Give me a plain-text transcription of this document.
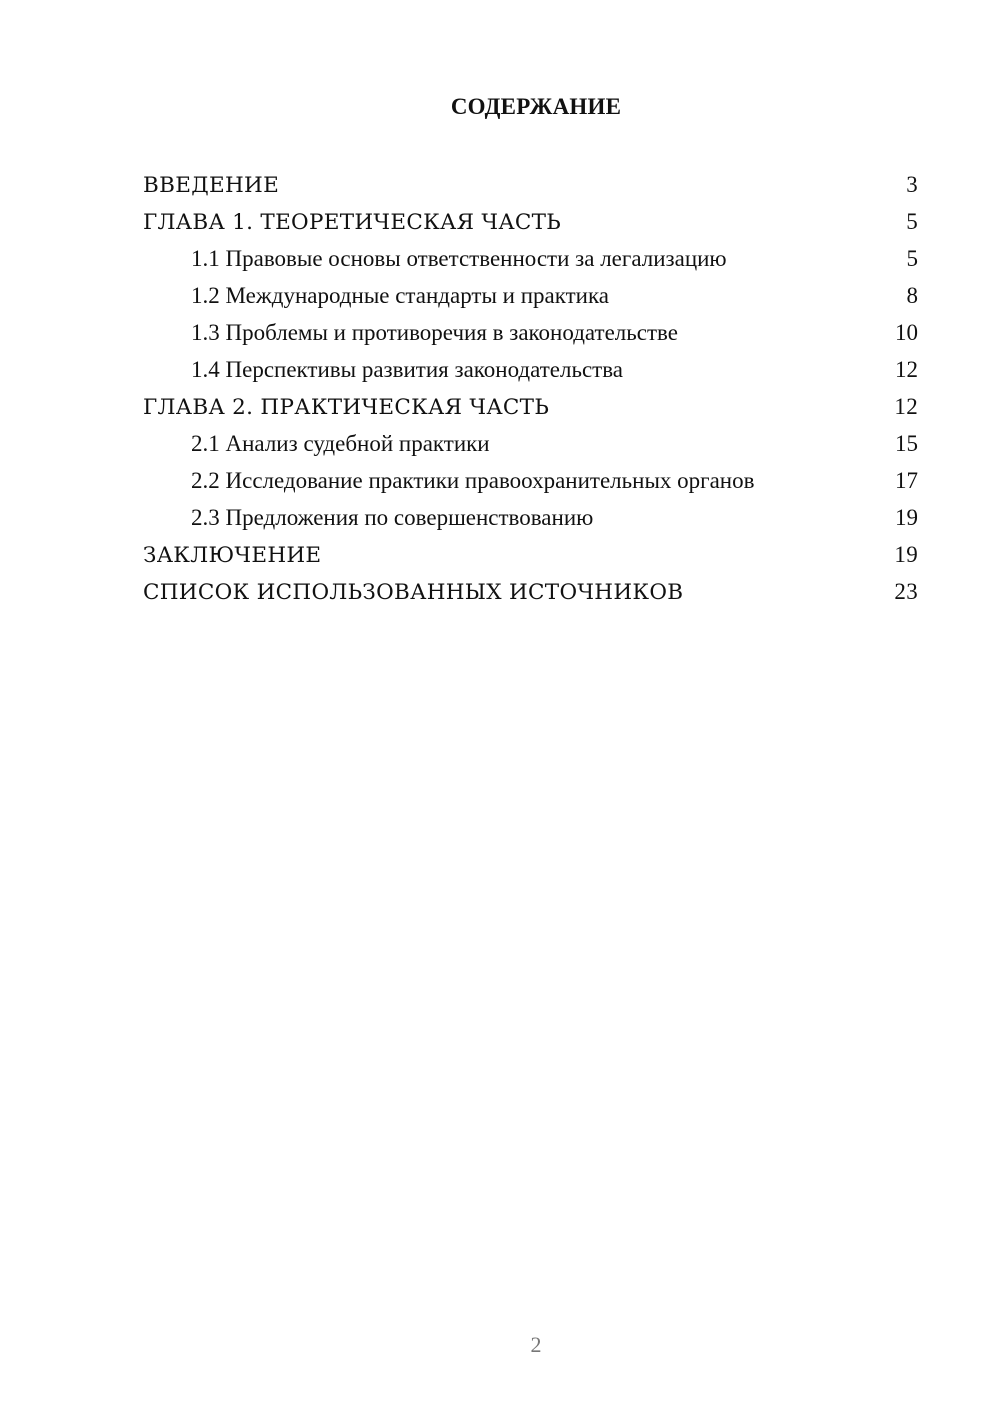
СОДЕРЖАНИЕ
ВВЕДЕНИЕ	3
ГЛАВА 1. ТЕОРЕТИЧЕСКАЯ ЧАСТЬ	5
1.1 Правовые основы ответственности за легализацию	5
1.2 Международные стандарты и практика	8
1.3 Проблемы и противоречия в законодательстве	10
1.4 Перспективы развития законодательства	12
ГЛАВА 2. ПРАКТИЧЕСКАЯ ЧАСТЬ	12
2.1 Анализ судебной практики	15
2.2 Исследование практики правоохранительных органов	17
2.3 Предложения по совершенствованию	19
ЗАКЛЮЧЕНИЕ	19
СПИСОК ИСПОЛЬЗОВАННЫХ ИСТОЧНИКОВ	23
2
